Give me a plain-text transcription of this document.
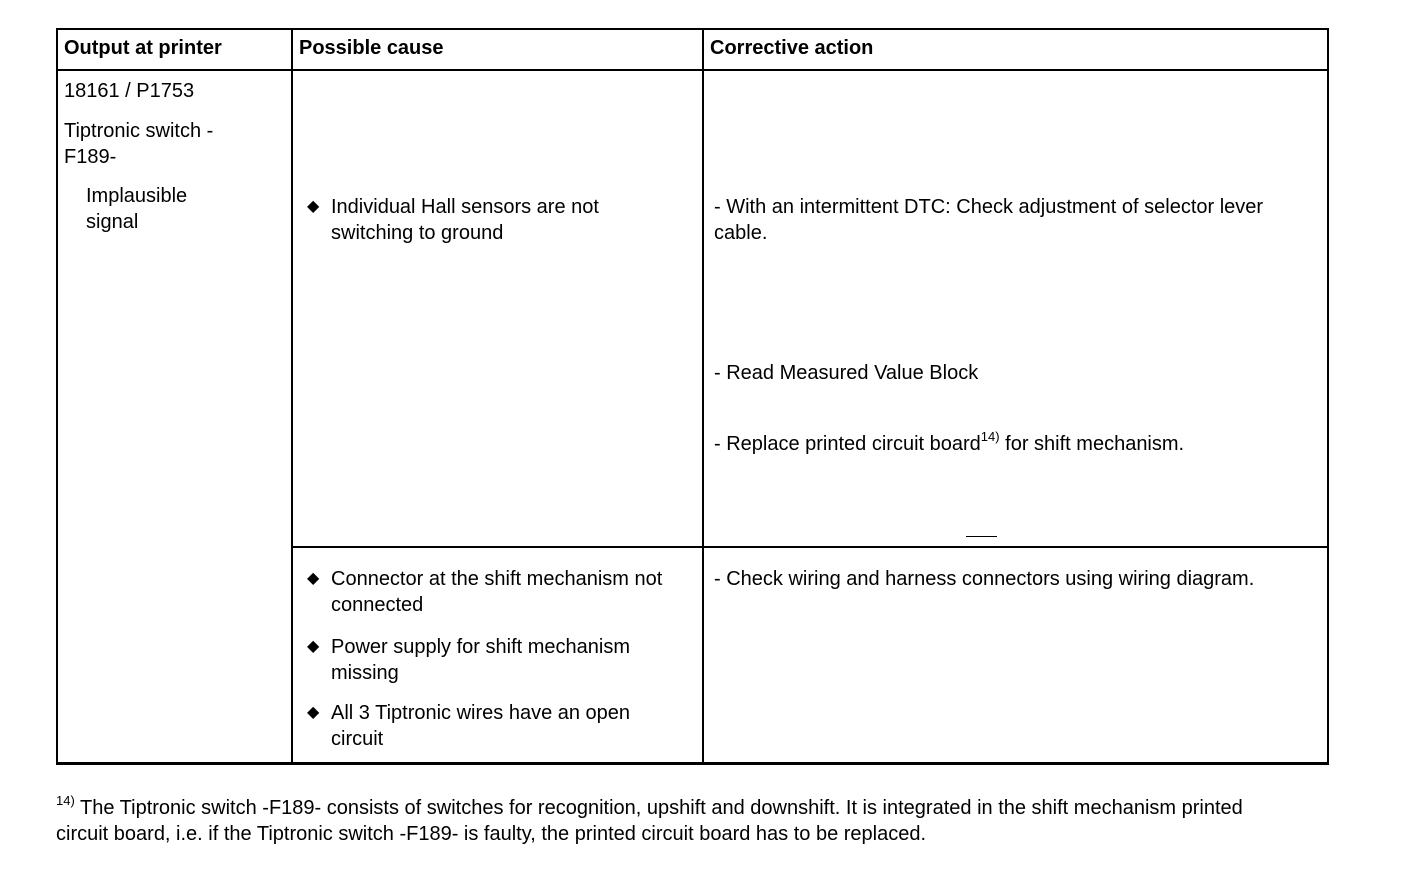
Output at printer	Possible cause	Corrective action
18161 / P1753
Tiptronic switch - F189-
Implausible signal
◆ Individual Hall sensors are not switching to ground
- With an intermittent DTC: Check adjustment of selector lever cable.
- Read Measured Value Block
- Replace printed circuit board$^{14)}$ for shift mechanism.
◆ Connector at the shift mechanism not connected
◆ Power supply for shift mechanism missing
◆ All 3 Tiptronic wires have an open circuit
- Check wiring and harness connectors using wiring diagram.
$^{14)}$ The Tiptronic switch -F189- consists of switches for recognition, upshift and downshift. It is integrated in the shift mechanism printed circuit board, i.e. if the Tiptronic switch -F189- is faulty, the printed circuit board has to be replaced.
